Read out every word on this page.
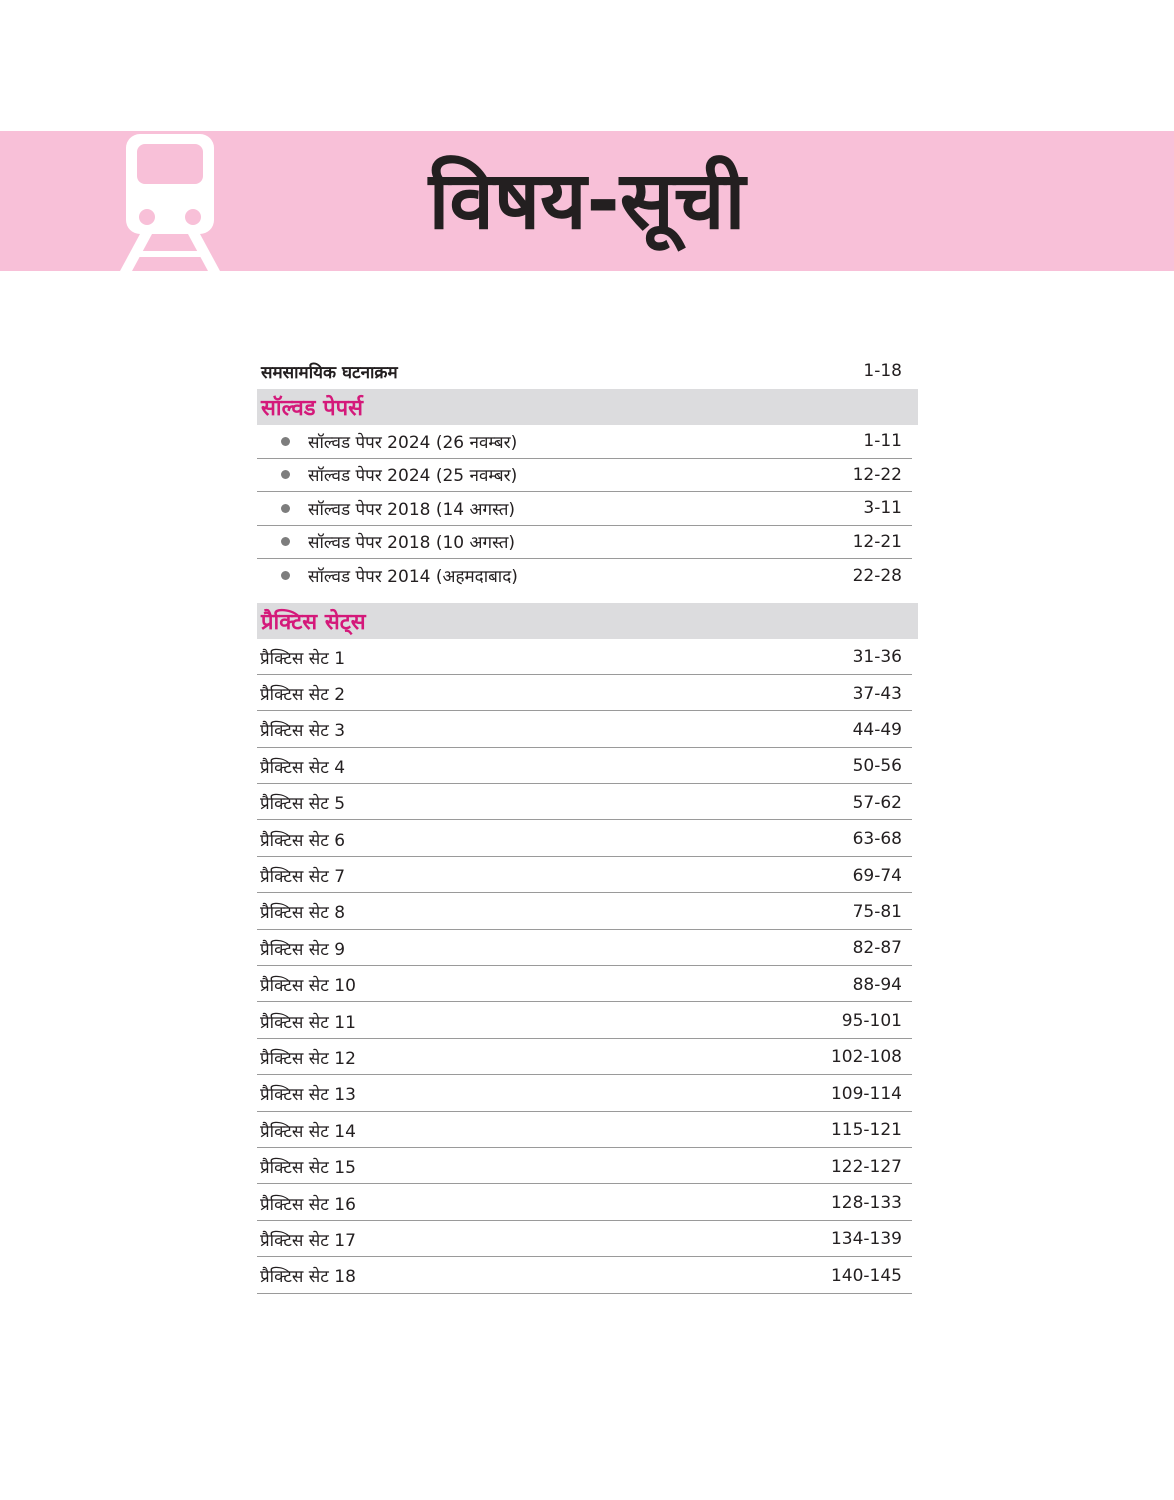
विषय-सूची
समसामयिक घटनाक्रम	1-18
सॉल्वड पेपर्स
सॉल्वड पेपर 2024 (26 नवम्बर)	1-11
सॉल्वड पेपर 2024 (25 नवम्बर)	12-22
सॉल्वड पेपर 2018 (14 अगस्त)	3-11
सॉल्वड पेपर 2018 (10 अगस्त)	12-21
सॉल्वड पेपर 2014 (अहमदाबाद)	22-28
प्रैक्टिस सेट्स
प्रैक्टिस सेट 1	31-36
प्रैक्टिस सेट 2	37-43
प्रैक्टिस सेट 3	44-49
प्रैक्टिस सेट 4	50-56
प्रैक्टिस सेट 5	57-62
प्रैक्टिस सेट 6	63-68
प्रैक्टिस सेट 7	69-74
प्रैक्टिस सेट 8	75-81
प्रैक्टिस सेट 9	82-87
प्रैक्टिस सेट 10	88-94
प्रैक्टिस सेट 11	95-101
प्रैक्टिस सेट 12	102-108
प्रैक्टिस सेट 13	109-114
प्रैक्टिस सेट 14	115-121
प्रैक्टिस सेट 15	122-127
प्रैक्टिस सेट 16	128-133
प्रैक्टिस सेट 17	134-139
प्रैक्टिस सेट 18	140-145
